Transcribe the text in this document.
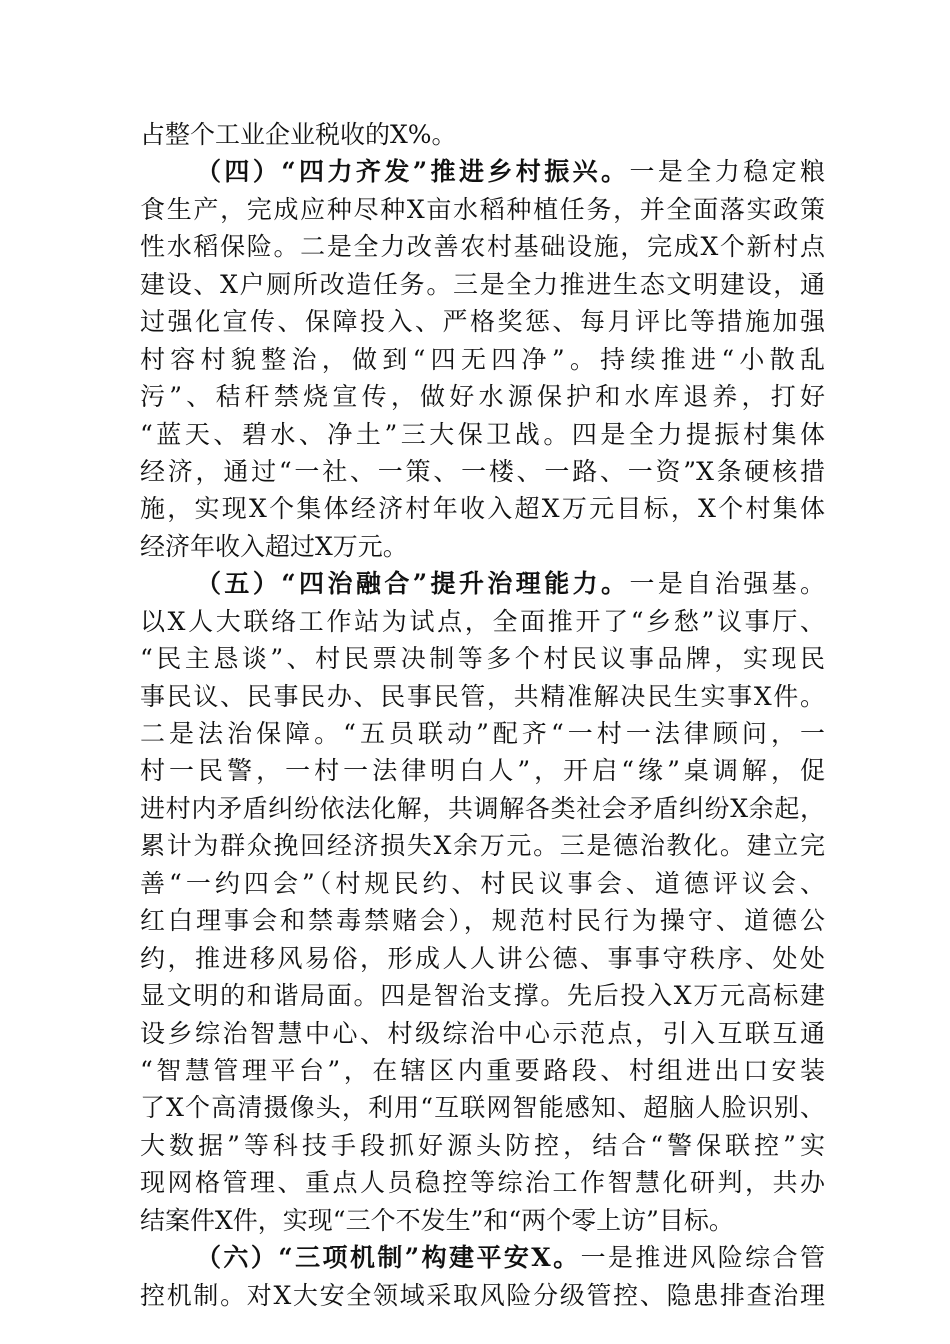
占整个工业企业税收的X%。
（四）“四力齐发”推进乡村振兴。一是全力稳定粮
食生产，完成应种尽种X亩水稻种植任务，并全面落实政策
性水稻保险。二是全力改善农村基础设施，完成X个新村点
建设、X户厕所改造任务。三是全力推进生态文明建设，通
过强化宣传、保障投入、严格奖惩、每月评比等措施加强
村容村貌整治，做到“四无四净”。持续推进“小散乱
污”、秸秆禁烧宣传，做好水源保护和水库退养，打好
“蓝天、碧水、净土”三大保卫战。四是全力提振村集体
经济，通过“一社、一策、一楼、一路、一资”X条硬核措
施，实现X个集体经济村年收入超X万元目标，X个村集体
经济年收入超过X万元。
（五）“四治融合”提升治理能力。一是自治强基。
以X人大联络工作站为试点，全面推开了“乡愁”议事厅、
“民主恳谈”、村民票决制等多个村民议事品牌，实现民
事民议、民事民办、民事民管，共精准解决民生实事X件。
二是法治保障。“五员联动”配齐“一村一法律顾问，一
村一民警，一村一法律明白人”，开启“缘”桌调解，促
进村内矛盾纠纷依法化解，共调解各类社会矛盾纠纷X余起，
累计为群众挽回经济损失X余万元。三是德治教化。建立完
善“一约四会”（村规民约、村民议事会、道德评议会、
红白理事会和禁毒禁赌会），规范村民行为操守、道德公
约，推进移风易俗，形成人人讲公德、事事守秩序、处处
显文明的和谐局面。四是智治支撑。先后投入X万元高标建
设乡综治智慧中心、村级综治中心示范点，引入互联互通
“智慧管理平台”，在辖区内重要路段、村组进出口安装
了X个高清摄像头，利用“互联网智能感知、超脑人脸识别、
大数据”等科技手段抓好源头防控，结合“警保联控”实
现网格管理、重点人员稳控等综治工作智慧化研判，共办
结案件X件，实现“三个不发生”和“两个零上访”目标。
（六）“三项机制”构建平安X。一是推进风险综合管
控机制。对X大安全领域采取风险分级管控、隐患排查治理
